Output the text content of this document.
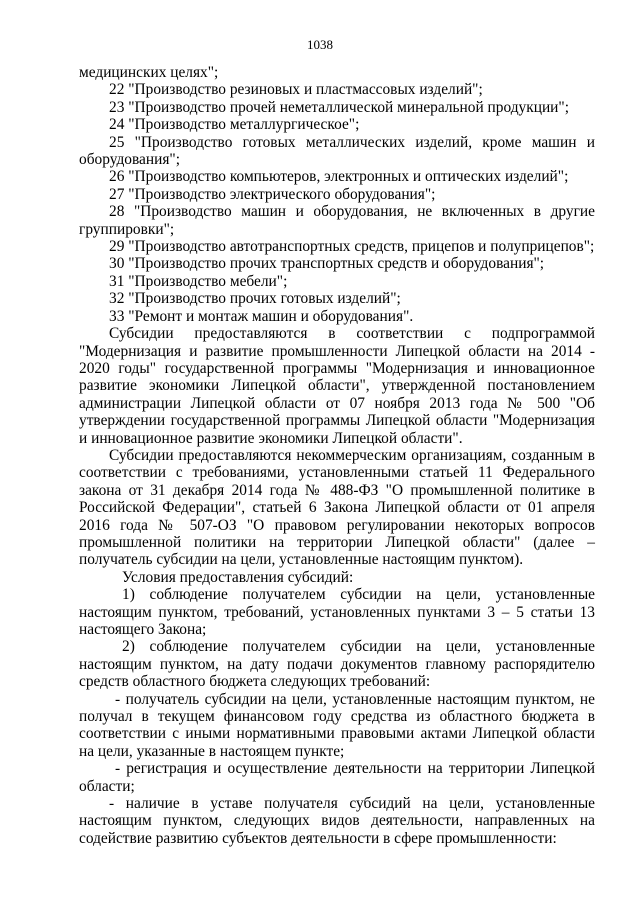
1038

медицинских целях";

22 "Производство резиновых и пластмассовых изделий";

23 "Производство прочей неметаллической минеральной продукции";

24 "Производство металлургическое";

25 "Производство готовых металлических изделий, кроме машин и оборудования";

26 "Производство компьютеров, электронных и оптических изделий";

27 "Производство электрического оборудования";

28 "Производство машин и оборудования, не включенных в другие группировки";

29 "Производство автотранспортных средств, прицепов и полуприцепов";

30 "Производство прочих транспортных средств и оборудования";

31 "Производство мебели";

32 "Производство прочих готовых изделий";

33 "Ремонт и монтаж машин и оборудования".

Субсидии предоставляются в соответствии с подпрограммой "Модернизация и развитие промышленности Липецкой области на 2014 - 2020 годы" государственной программы "Модернизация и инновационное развитие экономики Липецкой области", утвержденной постановлением администрации Липецкой области от 07 ноября 2013 года № 500 "Об утверждении государственной программы Липецкой области "Модернизация и инновационное развитие экономики Липецкой области".

Субсидии предоставляются некоммерческим организациям, созданным в соответствии с требованиями, установленными статьей 11 Федерального закона от 31 декабря 2014 года № 488-ФЗ "О промышленной политике в Российской Федерации", статьей 6 Закона Липецкой области от 01 апреля 2016 года № 507-ОЗ "О правовом регулировании некоторых вопросов промышленной политики на территории Липецкой области" (далее – получатель субсидии на цели, установленные настоящим пунктом).

Условия предоставления субсидий:

1) соблюдение получателем субсидии на цели, установленные настоящим пунктом, требований, установленных пунктами 3 – 5 статьи 13 настоящего Закона;

2) соблюдение получателем субсидии на цели, установленные настоящим пунктом, на дату подачи документов главному распорядителю средств областного бюджета следующих требований:

- получатель субсидии на цели, установленные настоящим пунктом, не получал в текущем финансовом году средства из областного бюджета в соответствии с иными нормативными правовыми актами Липецкой области на цели, указанные в настоящем пункте;

- регистрация и осуществление деятельности на территории Липецкой области;

- наличие в уставе получателя субсидий на цели, установленные настоящим пунктом, следующих видов деятельности, направленных на содействие развитию субъектов деятельности в сфере промышленности:
